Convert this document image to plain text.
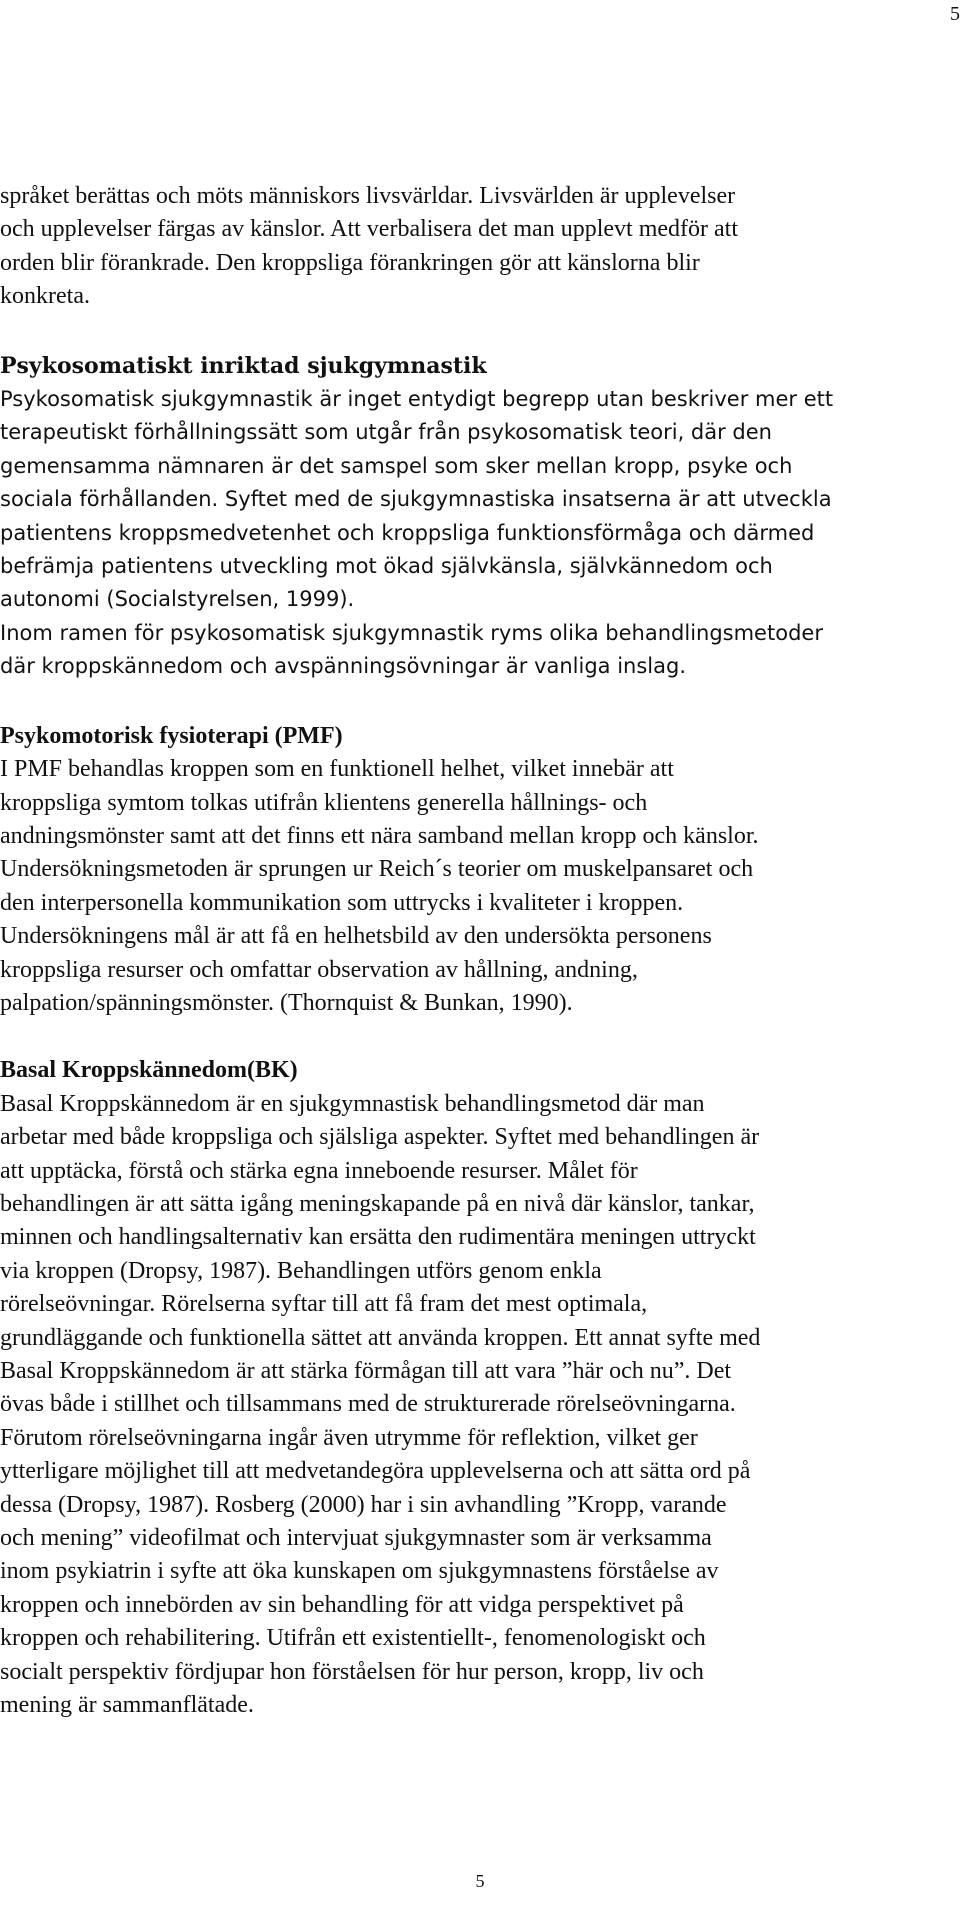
5

språket berättas och möts människors livsvärldar. Livsvärlden är upplevelser
och upplevelser färgas av känslor. Att verbalisera det man upplevt medför att
orden blir förankrade. Den kroppsliga förankringen gör att känslorna blir
konkreta.

Psykosomatiskt inriktad sjukgymnastik

Psykosomatisk sjukgymnastik är inget entydigt begrepp utan beskriver mer ett
terapeutiskt förhållningssätt som utgår från psykosomatisk teori, där den
gemensamma nämnaren är det samspel som sker mellan kropp, psyke och
sociala förhållanden. Syftet med de sjukgymnastiska insatserna är att utveckla
patientens kroppsmedvetenhet och kroppsliga funktionsförmåga och därmed
befrämja patientens utveckling mot ökad självkänsla, självkännedom och
autonomi (Socialstyrelsen, 1999).

Inom ramen för psykosomatisk sjukgymnastik ryms olika behandlingsmetoder
där kroppskännedom och avspänningsövningar är vanliga inslag.

Psykomotorisk fysioterapi (PMF)

I PMF behandlas kroppen som en funktionell helhet, vilket innebär att
kroppsliga symtom tolkas utifrån klientens generella hållnings- och
andningsmönster samt att det finns ett nära samband mellan kropp och känslor.
Undersökningsmetoden är sprungen ur Reich´s teorier om muskelpansaret och
den interpersonella kommunikation som uttrycks i kvaliteter i kroppen.
Undersökningens mål är att få en helhetsbild av den undersökta personens
kroppsliga resurser och omfattar observation av hållning, andning,
palpation/spänningsmönster. (Thornquist & Bunkan, 1990).

Basal Kroppskännedom(BK)

Basal Kroppskännedom är en sjukgymnastisk behandlingsmetod där man
arbetar med både kroppsliga och själsliga aspekter. Syftet med behandlingen är
att upptäcka, förstå och stärka egna inneboende resurser. Målet för
behandlingen är att sätta igång meningskapande på en nivå där känslor, tankar,
minnen och handlingsalternativ kan ersätta den rudimentära meningen uttryckt
via kroppen (Dropsy, 1987). Behandlingen utförs genom enkla
rörelseövningar. Rörelserna syftar till att få fram det mest optimala,
grundläggande och funktionella sättet att använda kroppen. Ett annat syfte med
Basal Kroppskännedom är att stärka förmågan till att vara ”här och nu”. Det
övas både i stillhet och tillsammans med de strukturerade rörelseövningarna.
Förutom rörelseövningarna ingår även utrymme för reflektion, vilket ger
ytterligare möjlighet till att medvetandegöra upplevelserna och att sätta ord på
dessa (Dropsy, 1987). Rosberg (2000) har i sin avhandling ”Kropp, varande
och mening” videofilmat och intervjuat sjukgymnaster som är verksamma
inom psykiatrin i syfte att öka kunskapen om sjukgymnastens förståelse av
kroppen och innebörden av sin behandling för att vidga perspektivet på
kroppen och rehabilitering. Utifrån ett existentiellt-, fenomenologiskt och
socialt perspektiv fördjupar hon förståelsen för hur person, kropp, liv och
mening är sammanflätade.

5
